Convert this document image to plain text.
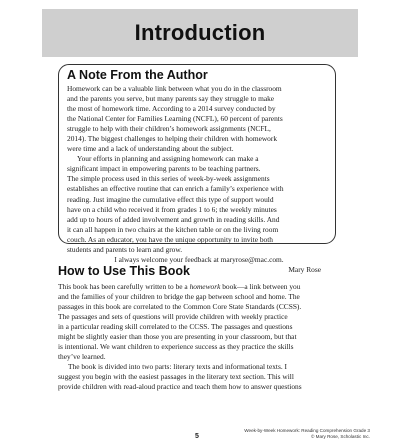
Introduction
A Note From the Author
Homework can be a valuable link between what you do in the classroom
and the parents you serve, but many parents say they struggle to make
the most of homework time. According to a 2014 survey conducted by
the National Center for Families Learning (NCFL), 60 percent of parents
struggle to help with their children’s homework assignments (NCFL,
2014). The biggest challenges to helping their children with homework
were time and a lack of understanding about the subject.
Your efforts in planning and assigning homework can make a
significant impact in empowering parents to be teaching partners.
The simple process used in this series of week-by-week assignments
establishes an effective routine that can enrich a family’s experience with
reading. Just imagine the cumulative effect this type of support would
have on a child who received it from grades 1 to 6; the weekly minutes
add up to hours of added involvement and growth in reading skills. And
it can all happen in two chairs at the kitchen table or on the living room
couch. As an educator, you have the unique opportunity to invite both
students and parents to learn and grow.
I always welcome your feedback at maryrose@mac.com.
Mary Rose
How to Use This Book
This book has been carefully written to be a homework book—a link between you
and the families of your children to bridge the gap between school and home. The
passages in this book are correlated to the Common Core State Standards (CCSS).
The passages and sets of questions will provide children with weekly practice
in a particular reading skill correlated to the CCSS. The passages and questions
might be slightly easier than those you are presenting in your classroom, but that
is intentional. We want children to experience success as they practice the skills
they’ve learned.
The book is divided into two parts: literary texts and informational texts. I
suggest you begin with the easiest passages in the literary text section. This will
provide children with read-aloud practice and teach them how to answer questions
5
Week-by-Week Homework: Reading Comprehension Grade 3
© Mary Rose, Scholastic Inc.
